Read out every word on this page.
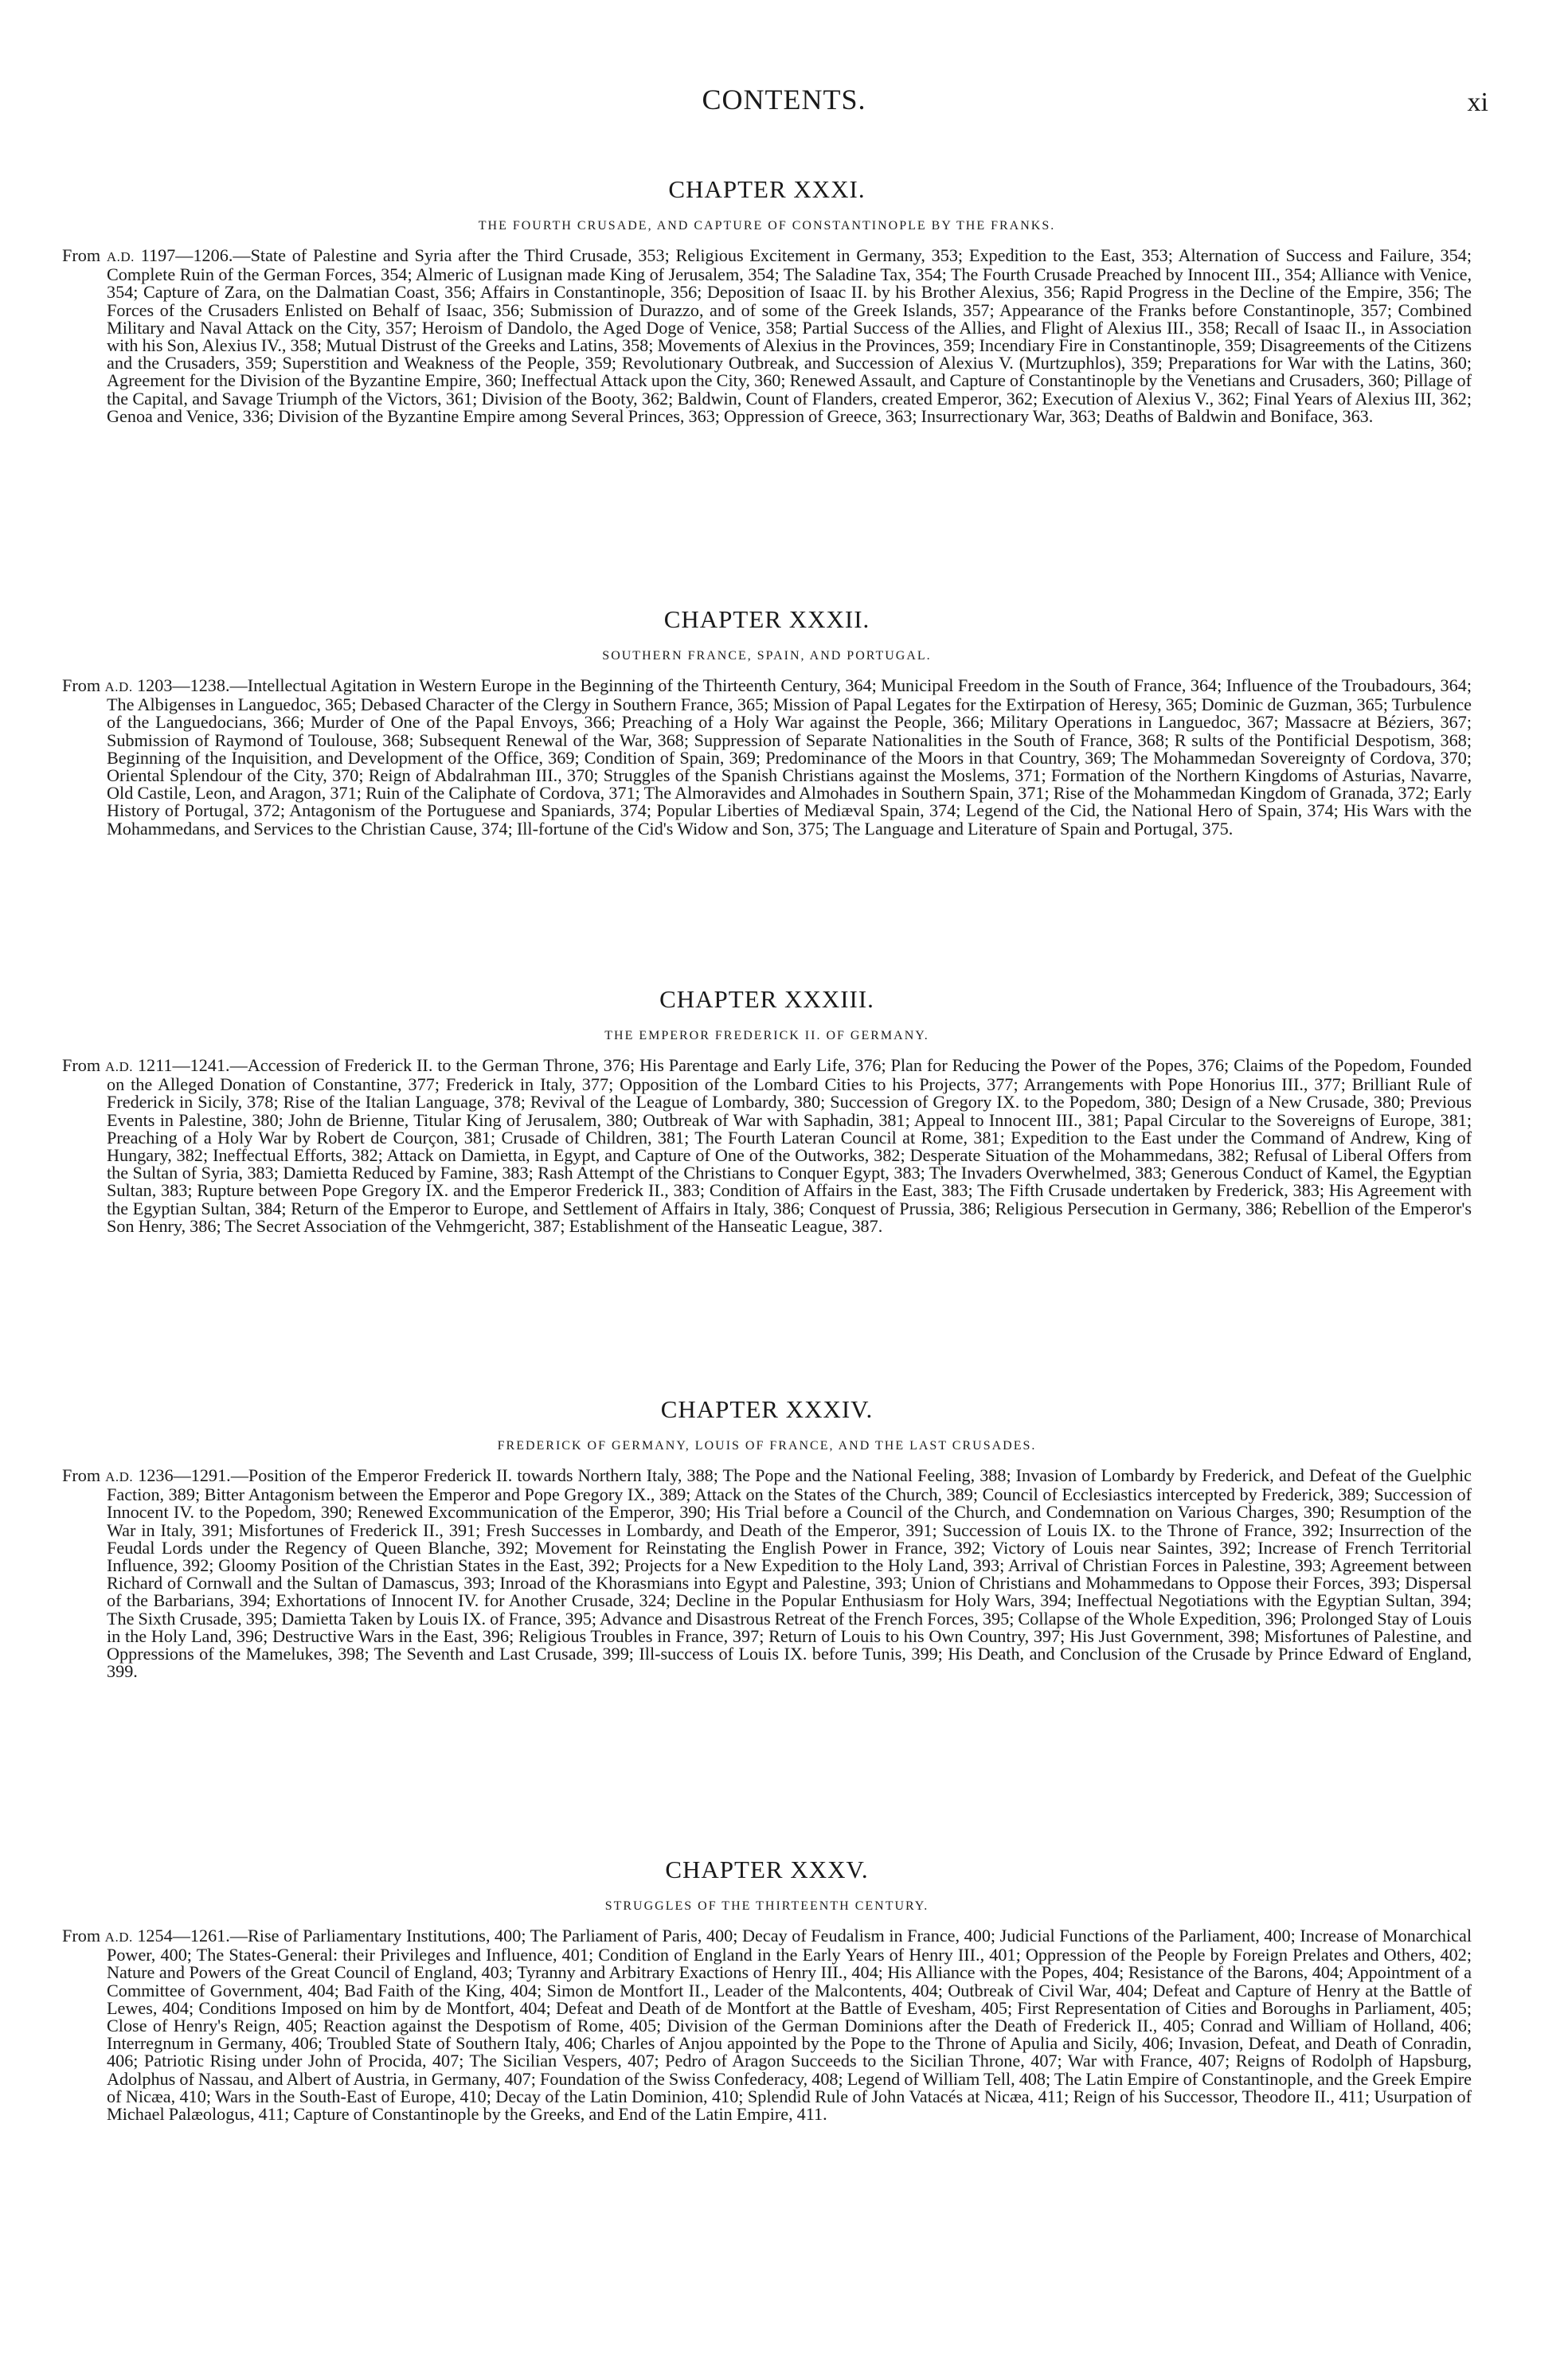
CONTENTS.	xi
CHAPTER XXXI.
THE FOURTH CRUSADE, AND CAPTURE OF CONSTANTINOPLE BY THE FRANKS.

From A.D. 1197—1206.—State of Palestine and Syria after the Third Crusade, 353; Religious Excitement in Germany, 353; Expedition to the East, 353; Alternation of Success and Failure, 354; Complete Ruin of the German Forces, 354; Almeric of Lusignan made King of Jerusalem, 354; The Saladine Tax, 354; The Fourth Crusade Preached by Innocent III., 354; Alliance with Venice, 354; Capture of Zara, on the Dalmatian Coast, 356; Affairs in Constantinople, 356; Deposition of Isaac II. by his Brother Alexius, 356; Rapid Progress in the Decline of the Empire, 356; The Forces of the Crusaders Enlisted on Behalf of Isaac, 356; Submission of Durazzo, and of some of the Greek Islands, 357; Appearance of the Franks before Constantinople, 357; Combined Military and Naval Attack on the City, 357; Heroism of Dandolo, the Aged Doge of Venice, 358; Partial Success of the Allies, and Flight of Alexius III., 358; Recall of Isaac II., in Association with his Son, Alexius IV., 358; Mutual Distrust of the Greeks and Latins, 358; Movements of Alexius in the Provinces, 359; Incendiary Fire in Constantinople, 359; Disagreements of the Citizens and the Crusaders, 359; Superstition and Weakness of the People, 359; Revolutionary Outbreak, and Succession of Alexius V. (Murtzuphlos), 359; Preparations for War with the Latins, 360; Agreement for the Division of the Byzantine Empire, 360; Ineffectual Attack upon the City, 360; Renewed Assault, and Capture of Constantinople by the Venetians and Crusaders, 360; Pillage of the Capital, and Savage Triumph of the Victors, 361; Division of the Booty, 362; Baldwin, Count of Flanders, created Emperor, 362; Execution of Alexius V., 362; Final Years of Alexius III, 362; Genoa and Venice, 336; Division of the Byzantine Empire among Several Princes, 363; Oppression of Greece, 363; Insurrectionary War, 363; Deaths of Baldwin and Boniface, 363.

CHAPTER XXXII.
SOUTHERN FRANCE, SPAIN, AND PORTUGAL.

From A.D. 1203—1238.—Intellectual Agitation in Western Europe in the Beginning of the Thirteenth Century, 364; Municipal Freedom in the South of France, 364; Influence of the Troubadours, 364; The Albigenses in Languedoc, 365; Debased Character of the Clergy in Southern France, 365; Mission of Papal Legates for the Extirpation of Heresy, 365; Dominic de Guzman, 365; Turbulence of the Languedocians, 366; Murder of One of the Papal Envoys, 366; Preaching of a Holy War against the People, 366; Military Operations in Languedoc, 367; Massacre at Béziers, 367; Submission of Raymond of Toulouse, 368; Subsequent Renewal of the War, 368; Suppression of Separate Nationalities in the South of France, 368; R sults of the Pontificial Despotism, 368; Beginning of the Inquisition, and Development of the Office, 369; Condition of Spain, 369; Predominance of the Moors in that Country, 369; The Mohammedan Sovereignty of Cordova, 370; Oriental Splendour of the City, 370; Reign of Abdalrahman III., 370; Struggles of the Spanish Christians against the Moslems, 371; Formation of the Northern Kingdoms of Asturias, Navarre, Old Castile, Leon, and Aragon, 371; Ruin of the Caliphate of Cordova, 371; The Almoravides and Almohades in Southern Spain, 371; Rise of the Mohammedan Kingdom of Granada, 372; Early History of Portugal, 372; Antagonism of the Portuguese and Spaniards, 374; Popular Liberties of Mediæval Spain, 374; Legend of the Cid, the National Hero of Spain, 374; His Wars with the Mohammedans, and Services to the Christian Cause, 374; Ill-fortune of the Cid's Widow and Son, 375; The Language and Literature of Spain and Portugal, 375.

CHAPTER XXXIII.
THE EMPEROR FREDERICK II. OF GERMANY.

From A.D. 1211—1241.—Accession of Frederick II. to the German Throne, 376; His Parentage and Early Life, 376; Plan for Reducing the Power of the Popes, 376; Claims of the Popedom, Founded on the Alleged Donation of Constantine, 377; Frederick in Italy, 377; Opposition of the Lombard Cities to his Projects, 377; Arrangements with Pope Honorius III., 377; Brilliant Rule of Frederick in Sicily, 378; Rise of the Italian Language, 378; Revival of the League of Lombardy, 380; Succession of Gregory IX. to the Popedom, 380; Design of a New Crusade, 380; Previous Events in Palestine, 380; John de Brienne, Titular King of Jerusalem, 380; Outbreak of War with Saphadin, 381; Appeal to Innocent III., 381; Papal Circular to the Sovereigns of Europe, 381; Preaching of a Holy War by Robert de Courçon, 381; Crusade of Children, 381; The Fourth Lateran Council at Rome, 381; Expedition to the East under the Command of Andrew, King of Hungary, 382; Ineffectual Efforts, 382; Attack on Damietta, in Egypt, and Capture of One of the Outworks, 382; Desperate Situation of the Mohammedans, 382; Refusal of Liberal Offers from the Sultan of Syria, 383; Damietta Reduced by Famine, 383; Rash Attempt of the Christians to Conquer Egypt, 383; The Invaders Overwhelmed, 383; Generous Conduct of Kamel, the Egyptian Sultan, 383; Rupture between Pope Gregory IX. and the Emperor Frederick II., 383; Condition of Affairs in the East, 383; The Fifth Crusade undertaken by Frederick, 383; His Agreement with the Egyptian Sultan, 384; Return of the Emperor to Europe, and Settlement of Affairs in Italy, 386; Conquest of Prussia, 386; Religious Persecution in Germany, 386; Rebellion of the Emperor's Son Henry, 386; The Secret Association of the Vehmgericht, 387; Establishment of the Hanseatic League, 387.

CHAPTER XXXIV.
FREDERICK OF GERMANY, LOUIS OF FRANCE, AND THE LAST CRUSADES.

From A.D. 1236—1291.—Position of the Emperor Frederick II. towards Northern Italy, 388; The Pope and the National Feeling, 388; Invasion of Lombardy by Frederick, and Defeat of the Guelphic Faction, 389; Bitter Antagonism between the Emperor and Pope Gregory IX., 389; Attack on the States of the Church, 389; Council of Ecclesiastics intercepted by Frederick, 389; Succession of Innocent IV. to the Popedom, 390; Renewed Excommunication of the Emperor, 390; His Trial before a Council of the Church, and Condemnation on Various Charges, 390; Resumption of the War in Italy, 391; Misfortunes of Frederick II., 391; Fresh Successes in Lombardy, and Death of the Emperor, 391; Succession of Louis IX. to the Throne of France, 392; Insurrection of the Feudal Lords under the Regency of Queen Blanche, 392; Movement for Reinstating the English Power in France, 392; Victory of Louis near Saintes, 392; Increase of French Territorial Influence, 392; Gloomy Position of the Christian States in the East, 392; Projects for a New Expedition to the Holy Land, 393; Arrival of Christian Forces in Palestine, 393; Agreement between Richard of Cornwall and the Sultan of Damascus, 393; Inroad of the Khorasmians into Egypt and Palestine, 393; Union of Christians and Mohammedans to Oppose their Forces, 393; Dispersal of the Barbarians, 394; Exhortations of Innocent IV. for Another Crusade, 324; Decline in the Popular Enthusiasm for Holy Wars, 394; Ineffectual Negotiations with the Egyptian Sultan, 394; The Sixth Crusade, 395; Damietta Taken by Louis IX. of France, 395; Advance and Disastrous Retreat of the French Forces, 395; Collapse of the Whole Expedition, 396; Prolonged Stay of Louis in the Holy Land, 396; Destructive Wars in the East, 396; Religious Troubles in France, 397; Return of Louis to his Own Country, 397; His Just Government, 398; Misfortunes of Palestine, and Oppressions of the Mamelukes, 398; The Seventh and Last Crusade, 399; Ill-success of Louis IX. before Tunis, 399; His Death, and Conclusion of the Crusade by Prince Edward of England, 399.

CHAPTER XXXV.
STRUGGLES OF THE THIRTEENTH CENTURY.

From A.D. 1254—1261.—Rise of Parliamentary Institutions, 400; The Parliament of Paris, 400; Decay of Feudalism in France, 400; Judicial Functions of the Parliament, 400; Increase of Monarchical Power, 400; The States-General: their Privileges and Influence, 401; Condition of England in the Early Years of Henry III., 401; Oppression of the People by Foreign Prelates and Others, 402; Nature and Powers of the Great Council of England, 403; Tyranny and Arbitrary Exactions of Henry III., 404; His Alliance with the Popes, 404; Resistance of the Barons, 404; Appointment of a Committee of Government, 404; Bad Faith of the King, 404; Simon de Montfort II., Leader of the Malcontents, 404; Outbreak of Civil War, 404; Defeat and Capture of Henry at the Battle of Lewes, 404; Conditions Imposed on him by de Montfort, 404; Defeat and Death of de Montfort at the Battle of Evesham, 405; First Representation of Cities and Boroughs in Parliament, 405; Close of Henry's Reign, 405; Reaction against the Despotism of Rome, 405; Division of the German Dominions after the Death of Frederick II., 405; Conrad and William of Holland, 406; Interregnum in Germany, 406; Troubled State of Southern Italy, 406; Charles of Anjou appointed by the Pope to the Throne of Apulia and Sicily, 406; Invasion, Defeat, and Death of Conradin, 406; Patriotic Rising under John of Procida, 407; The Sicilian Vespers, 407; Pedro of Aragon Succeeds to the Sicilian Throne, 407; War with France, 407; Reigns of Rodolph of Hapsburg, Adolphus of Nassau, and Albert of Austria, in Germany, 407; Foundation of the Swiss Confederacy, 408; Legend of William Tell, 408; The Latin Empire of Constantinople, and the Greek Empire of Nicæa, 410; Wars in the South-East of Europe, 410; Decay of the Latin Dominion, 410; Splendid Rule of John Vatacés at Nicæa, 411; Reign of his Successor, Theodore II., 411; Usurpation of Michael Palæologus, 411; Capture of Constantinople by the Greeks, and End of the Latin Empire, 411.
